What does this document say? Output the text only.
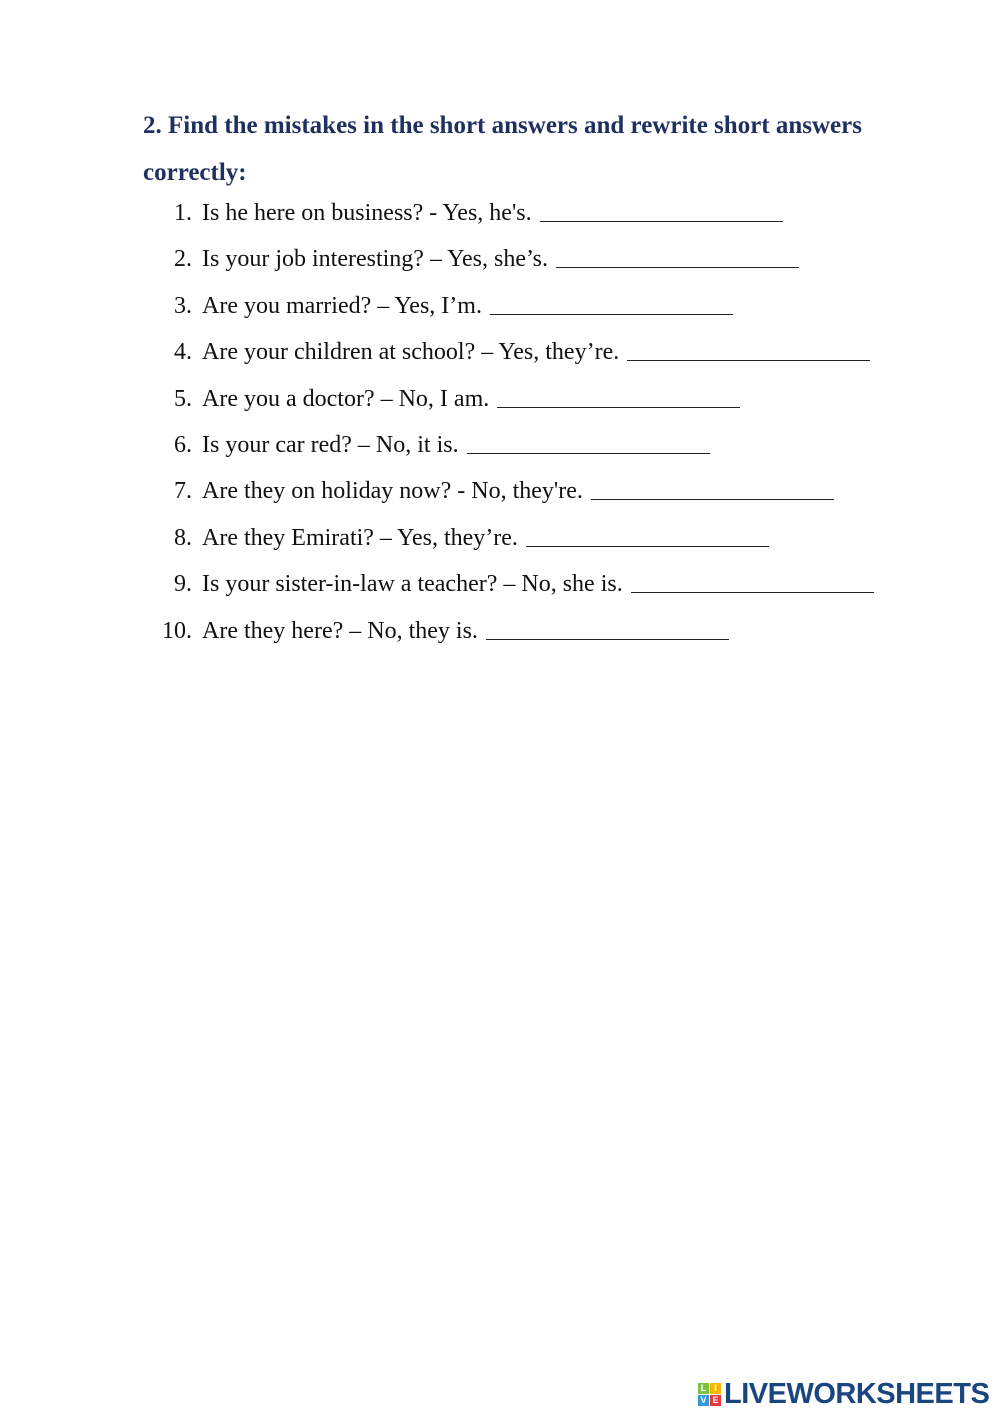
2. Find the mistakes in the short answers and rewrite short answers correctly:
1. Is he here on business? - Yes, he's.
2. Is your job interesting? – Yes, she’s.
3. Are you married? – Yes, I’m.
4. Are your children at school? – Yes, they’re.
5. Are you a doctor? – No, I am.
6. Is your car red? – No, it is.
7. Are they on holiday now? - No, they're.
8. Are they Emirati? – Yes, they’re.
9. Is your sister-in-law a teacher? – No, she is.
10. Are they here? – No, they is.
L I
V E LIVEWORKSHEETS
